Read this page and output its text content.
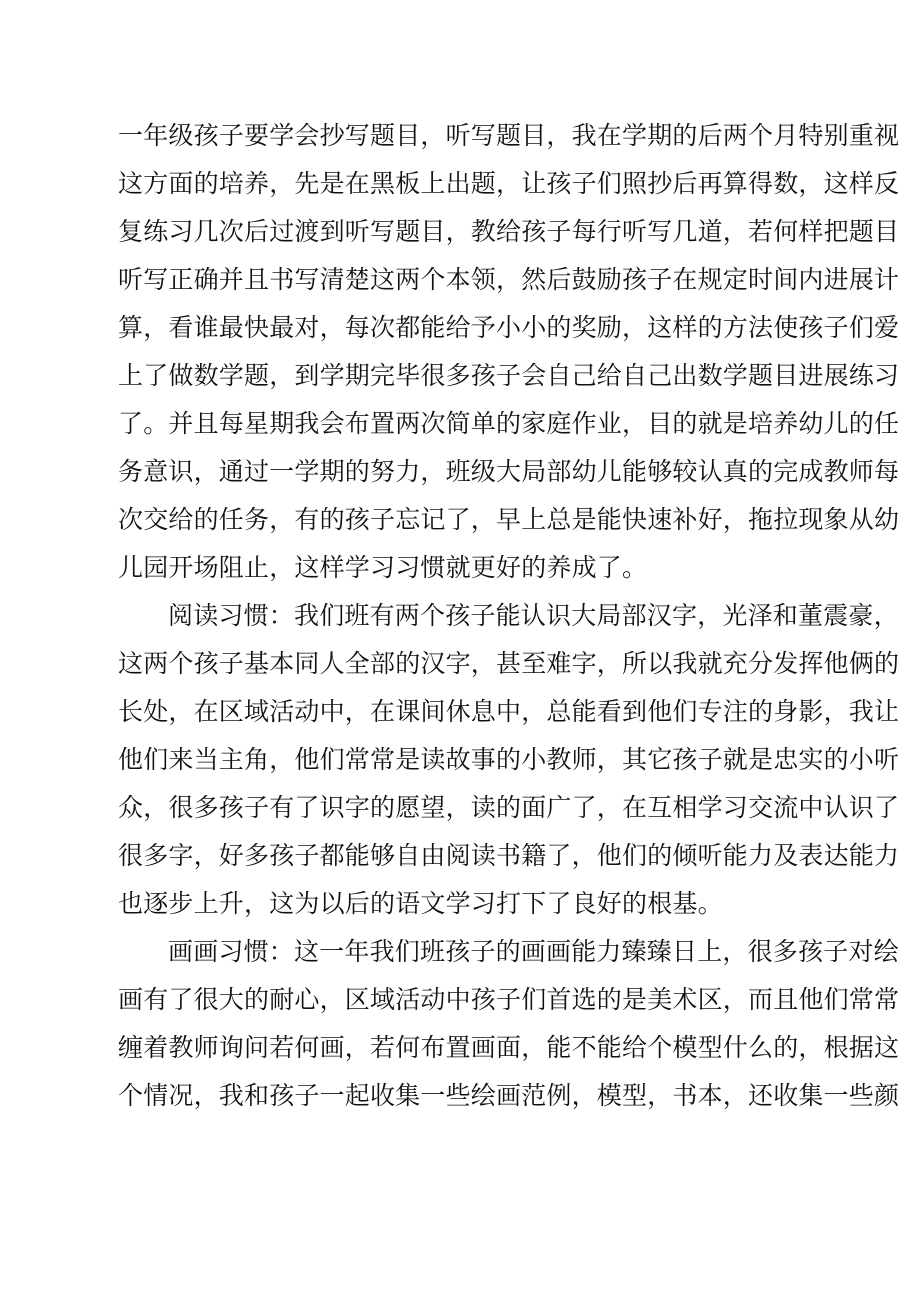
一年级孩子要学会抄写题目，听写题目，我在学期的后两个月特别重视
这方面的培养，先是在黑板上出题，让孩子们照抄后再算得数，这样反
复练习几次后过渡到听写题目，教给孩子每行听写几道，若何样把题目
听写正确并且书写清楚这两个本领，然后鼓励孩子在规定时间内进展计
算，看谁最快最对，每次都能给予小小的奖励，这样的方法使孩子们爱
上了做数学题，到学期完毕很多孩子会自己给自己出数学题目进展练习
了。并且每星期我会布置两次简单的家庭作业，目的就是培养幼儿的任
务意识，通过一学期的努力，班级大局部幼儿能够较认真的完成教师每
次交给的任务，有的孩子忘记了，早上总是能快速补好，拖拉现象从幼
儿园开场阻止，这样学习习惯就更好的养成了。
阅读习惯：我们班有两个孩子能认识大局部汉字，光泽和董震豪，
这两个孩子基本同人全部的汉字，甚至难字，所以我就充分发挥他俩的
长处，在区域活动中，在课间休息中，总能看到他们专注的身影，我让
他们来当主角，他们常常是读故事的小教师，其它孩子就是忠实的小听
众，很多孩子有了识字的愿望，读的面广了，在互相学习交流中认识了
很多字，好多孩子都能够自由阅读书籍了，他们的倾听能力及表达能力
也逐步上升，这为以后的语文学习打下了良好的根基。
画画习惯：这一年我们班孩子的画画能力臻臻日上，很多孩子对绘
画有了很大的耐心，区域活动中孩子们首选的是美术区，而且他们常常
缠着教师询问若何画，若何布置画面，能不能给个模型什么的，根据这
个情况，我和孩子一起收集一些绘画范例，模型，书本，还收集一些颜
